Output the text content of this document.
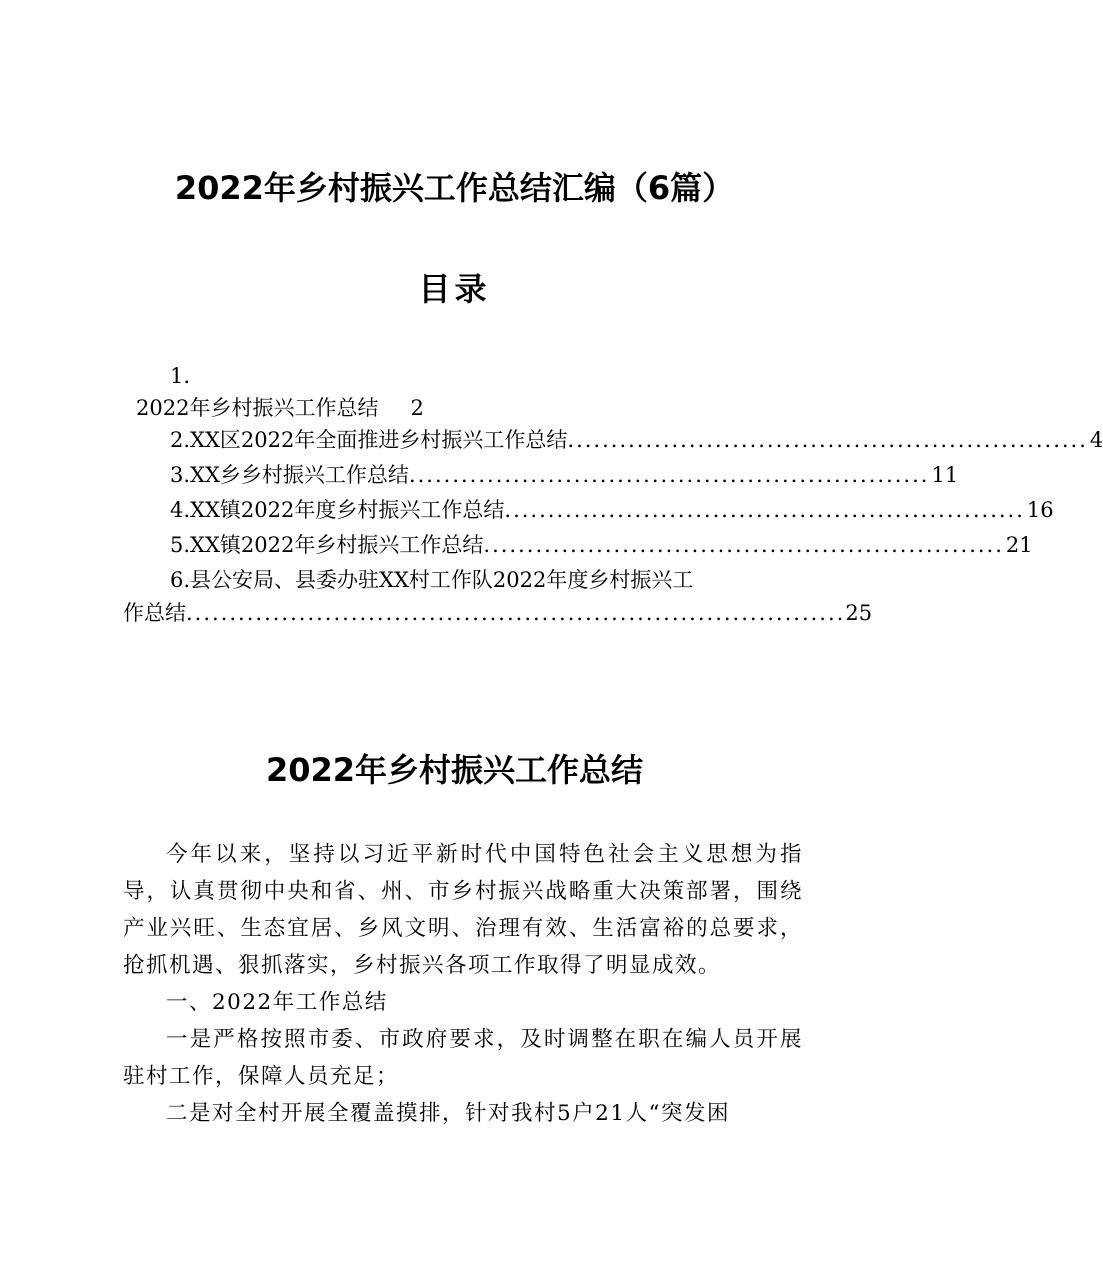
2022年乡村振兴工作总结汇编（6篇）
目录
1.
2022年乡村振兴工作总结 2
2.XX区2022年全面推进乡村振兴工作总结 ............................................................ 4
3.XX乡乡村振兴工作总结 ............................................................ 11
4.XX镇2022年度乡村振兴工作总结 ............................................................ 16
5.XX镇2022年乡村振兴工作总结 ............................................................ 21
6.县公安局、县委办驻XX村工作队2022年度乡村振兴工
作总结 ............................................................................ 25
2022年乡村振兴工作总结

今年以来，坚持以习近平新时代中国特色社会主义思想为指导，认真贯彻中央和省、州、市乡村振兴战略重大决策部署，围绕产业兴旺、生态宜居、乡风文明、治理有效、生活富裕的总要求，抢抓机遇、狠抓落实，乡村振兴各项工作取得了明显成效。

一、2022年工作总结

一是严格按照市委、市政府要求，及时调整在职在编人员开展驻村工作，保障人员充足；

二是对全村开展全覆盖摸排，针对我村5户21人“突发困
